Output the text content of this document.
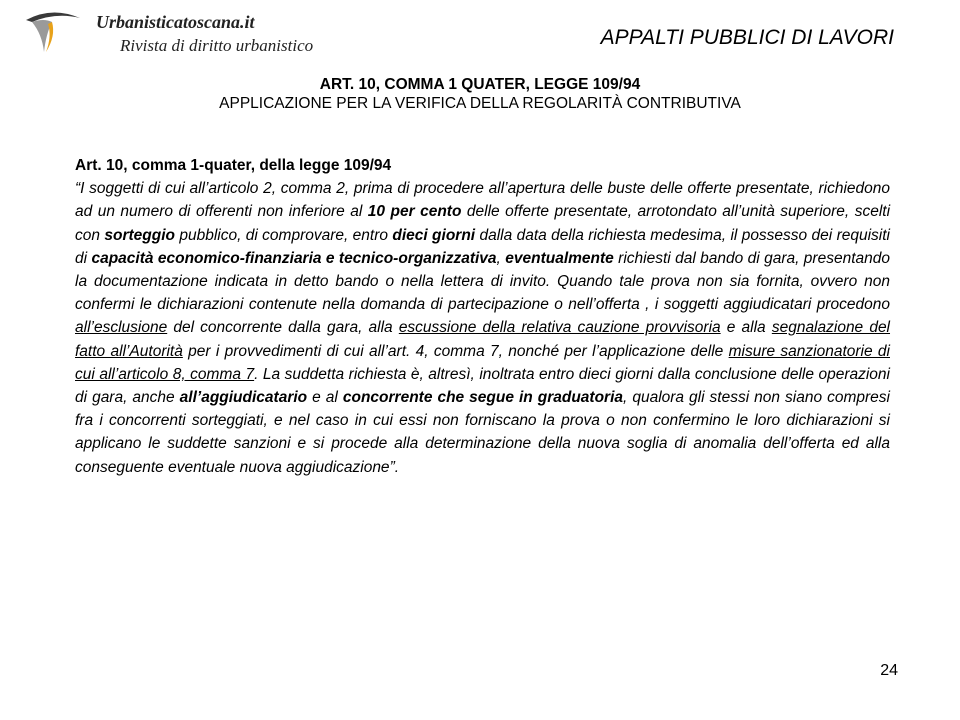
Urbanisticatoscana.it
Rivista di diritto urbanistico	APPALTI PUBBLICI DI LAVORI
ART. 10, COMMA 1 QUATER, LEGGE 109/94
APPLICAZIONE PER LA VERIFICA DELLA REGOLARITÀ CONTRIBUTIVA
Art. 10, comma 1-quater, della legge 109/94
“I soggetti di cui all’articolo 2, comma 2, prima di procedere all’apertura delle buste delle offerte presentate, richiedono ad un numero di offerenti non inferiore al 10 per cento delle offerte presentate, arrotondato all’unità superiore, scelti con sorteggio pubblico, di comprovare, entro dieci giorni dalla data della richiesta medesima, il possesso dei requisiti di capacità economico-finanziaria e tecnico-organizzativa, eventualmente richiesti dal bando di gara, presentando la documentazione indicata in detto bando o nella lettera di invito. Quando tale prova non sia fornita, ovvero non confermi le dichiarazioni contenute nella domanda di partecipazione o nell’offerta , i soggetti aggiudicatari procedono all’esclusione del concorrente dalla gara, alla escussione della relativa cauzione provvisoria e alla segnalazione del fatto all’Autorità per i provvedimenti di cui all’art. 4, comma 7, nonché per l’applicazione delle misure sanzionatorie di cui all’articolo 8, comma 7. La suddetta richiesta è, altresì, inoltrata entro dieci giorni dalla conclusione delle operazioni di gara, anche all’aggiudicatario e al concorrente che segue in graduatoria, qualora gli stessi non siano compresi fra i concorrenti sorteggiati, e nel caso in cui essi non forniscano la prova o non confermino le loro dichiarazioni si applicano le suddette sanzioni e si procede alla determinazione della nuova soglia di anomalia dell’offerta ed alla conseguente eventuale nuova aggiudicazione”.
24
